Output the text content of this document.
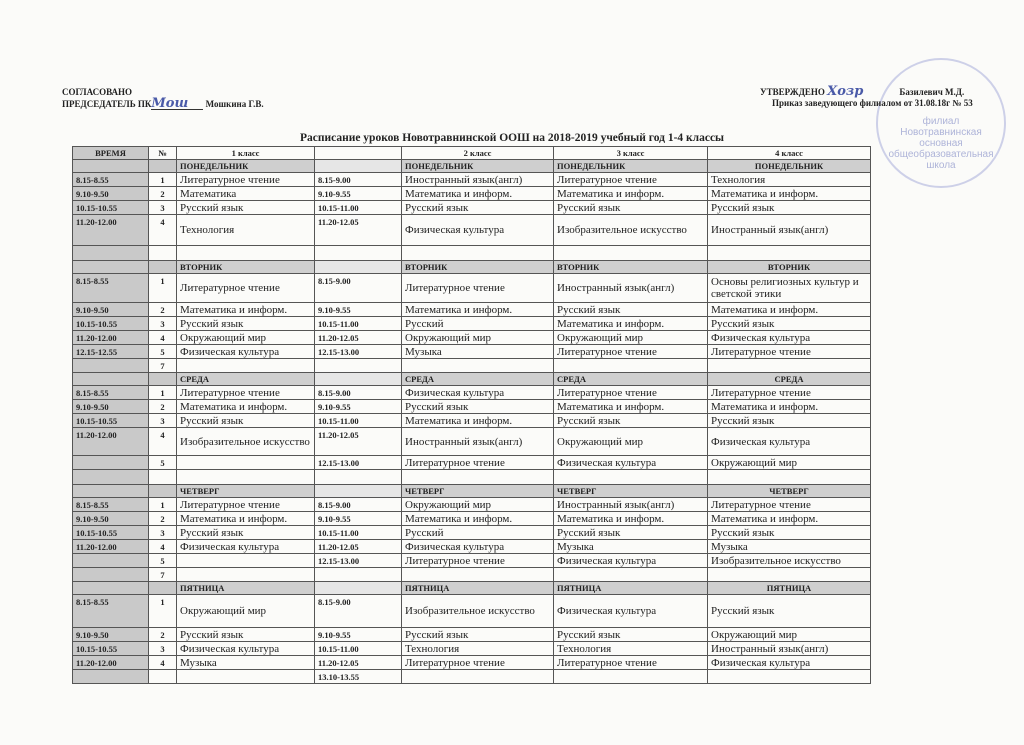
СОГЛАСОВАНО
ПРЕДСЕДАТЕЛЬ ПКМош Мошкина Г.В.
филиал Новотравнинская основная общеобразовательная школа
УТВЕРЖДЕНО Хозр	Базилевич М.Д.
Приказ заведующего филиалом от 31.08.18г № 53
Расписание уроков Новотравнинской ООШ на 2018-2019 учебный год 1-4 классы
ВРЕМЯ	№	1 класс		2 класс	3 класс	4 класс
		ПОНЕДЕЛЬНИК		ПОНЕДЕЛЬНИК	ПОНЕДЕЛЬНИК	ПОНЕДЕЛЬНИК
8.15-8.55	1	Литературное чтение	8.15-9.00	Иностранный язык(англ)	Литературное чтение	Технология
9.10-9.50	2	Математика	9.10-9.55	Математика и информ.	Математика и информ.	Математика и информ.
10.15-10.55	3	Русский язык	10.15-11.00	Русский язык	Русский язык	Русский язык
11.20-12.00	4	Технология	11.20-12.05	Физическая культура	Изобразительное искусство	Иностранный язык(англ)

		ВТОРНИК		ВТОРНИК	ВТОРНИК	ВТОРНИК
8.15-8.55	1	Литературное чтение	8.15-9.00	Литературное чтение	Иностранный язык(англ)	Основы религиозных культур и светской этики
9.10-9.50	2	Математика и информ.	9.10-9.55	Математика и информ.	Русский язык	Математика и информ.
10.15-10.55	3	Русский язык	10.15-11.00	Русский	Математика и информ.	Русский язык
11.20-12.00	4	Окружающий мир	11.20-12.05	Окружающий мир	Окружающий мир	Физическая культура
12.15-12.55	5	Физическая культура	12.15-13.00	Музыка	Литературное чтение	Литературное чтение
	7					
		СРЕДА		СРЕДА	СРЕДА	СРЕДА
8.15-8.55	1	Литературное чтение	8.15-9.00	Физическая культура	Литературное чтение	Литературное чтение
9.10-9.50	2	Математика и информ.	9.10-9.55	Русский язык	Математика и информ.	Математика и информ.
10.15-10.55	3	Русский язык	10.15-11.00	Математика и информ.	Русский язык	Русский язык
11.20-12.00	4	Изобразительное искусство	11.20-12.05	Иностранный язык(англ)	Окружающий мир	Физическая культура
	5		12.15-13.00	Литературное чтение	Физическая культура	Окружающий мир

		ЧЕТВЕРГ		ЧЕТВЕРГ	ЧЕТВЕРГ	ЧЕТВЕРГ
8.15-8.55	1	Литературное чтение	8.15-9.00	Окружающий мир	Иностранный язык(англ)	Литературное чтение
9.10-9.50	2	Математика и информ.	9.10-9.55	Математика и информ.	Математика и информ.	Математика и информ.
10.15-10.55	3	Русский язык	10.15-11.00	Русский	Русский язык	Русский язык
11.20-12.00	4	Физическая культура	11.20-12.05	Физическая культура	Музыка	Музыка
	5		12.15-13.00	Литературное чтение	Физическая культура	Изобразительное искусство
	7					
		ПЯТНИЦА		ПЯТНИЦА	ПЯТНИЦА	ПЯТНИЦА
8.15-8.55	1	Окружающий мир	8.15-9.00	Изобразительное искусство	Физическая культура	Русский язык
9.10-9.50	2	Русский язык	9.10-9.55	Русский язык	Русский язык	Окружающий мир
10.15-10.55	3	Физическая культура	10.15-11.00	Технология	Технология	Иностранный язык(англ)
11.20-12.00	4	Музыка	11.20-12.05	Литературное чтение	Литературное чтение	Физическая культура
			13.10-13.55			
